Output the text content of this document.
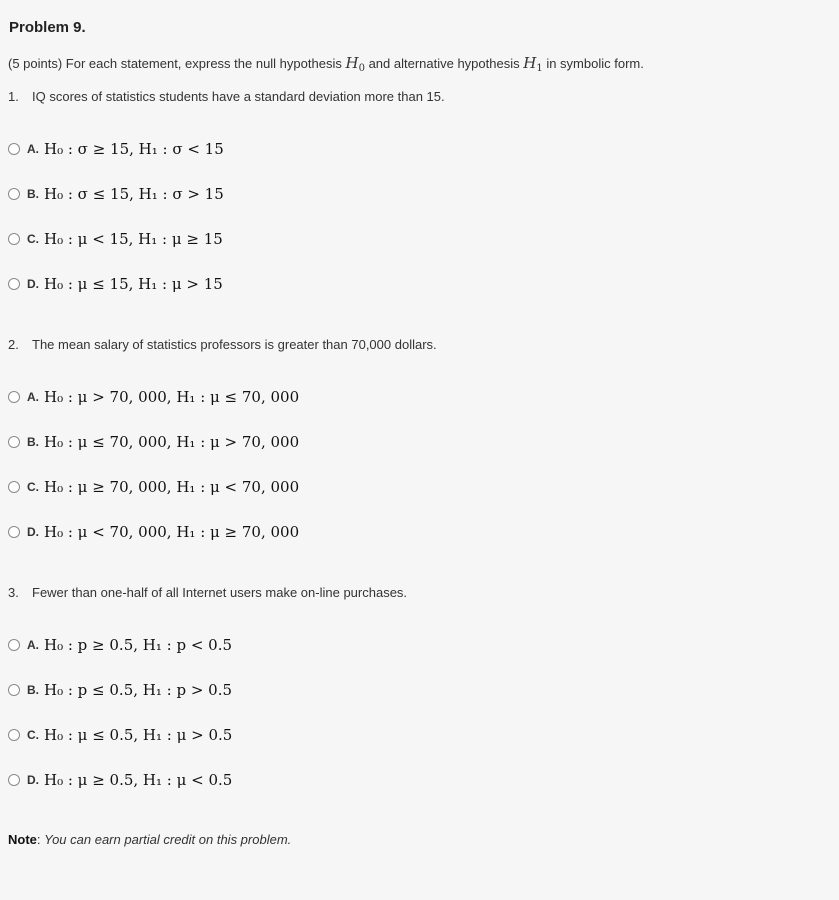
Problem 9.
(5 points) For each statement, express the null hypothesis $H_0$ and alternative hypothesis $H_1$ in symbolic form.
1. IQ scores of statistics students have a standard deviation more than 15.
A. H₀ : σ ≥ 15, H₁ : σ < 15
B. H₀ : σ ≤ 15, H₁ : σ > 15
C. H₀ : μ < 15, H₁ : μ ≥ 15
D. H₀ : μ ≤ 15, H₁ : μ > 15
2. The mean salary of statistics professors is greater than 70,000 dollars.
A. H₀ : μ > 70, 000, H₁ : μ ≤ 70, 000
B. H₀ : μ ≤ 70, 000, H₁ : μ > 70, 000
C. H₀ : μ ≥ 70, 000, H₁ : μ < 70, 000
D. H₀ : μ < 70, 000, H₁ : μ ≥ 70, 000
3. Fewer than one-half of all Internet users make on-line purchases.
A. H₀ : p ≥ 0.5, H₁ : p < 0.5
B. H₀ : p ≤ 0.5, H₁ : p > 0.5
C. H₀ : μ ≤ 0.5, H₁ : μ > 0.5
D. H₀ : μ ≥ 0.5, H₁ : μ < 0.5
Note: You can earn partial credit on this problem.
